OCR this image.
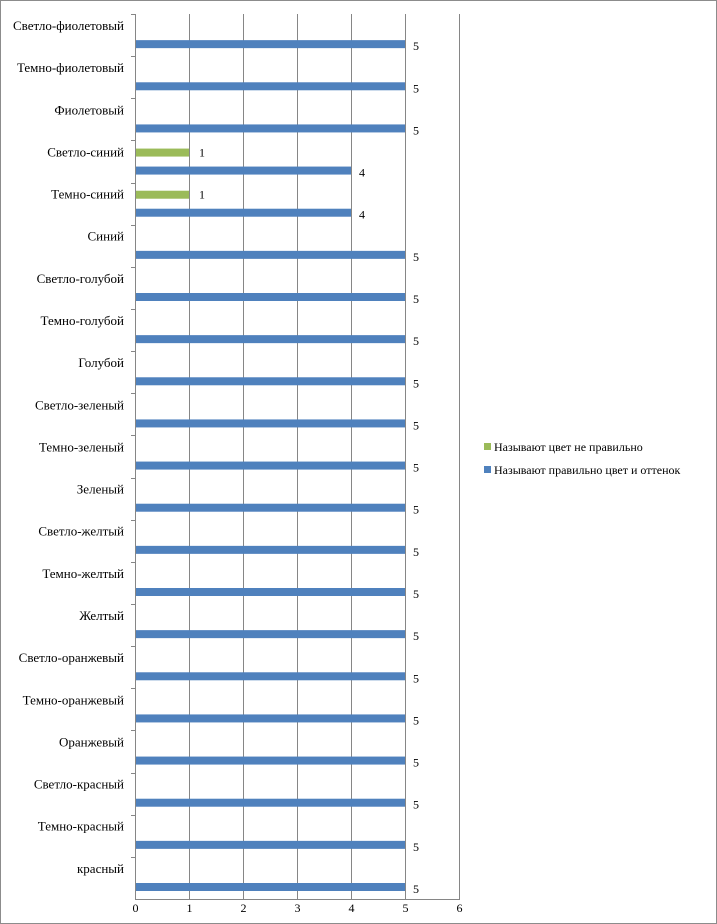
0	1	2	3	4	5	6
красный
5
Темно-красный
5
Светло-красный
5
Оранжевый
5
Темно-оранжевый
5
Светло-оранжевый
5
Желтый
5
Темно-желтый
5
Светло-желтый
5
Зеленый
5
Темно-зеленый
5
Светло-зеленый
5
Голубой
5
Темно-голубой
5
Светло-голубой
5
Синий
5
Темно-синий
4
1
Светло-синий
4
1
Фиолетовый
5
Темно-фиолетовый
5
Светло-фиолетовый
5
Называют цвет не правильно
Называют правильно цвет и оттенок
